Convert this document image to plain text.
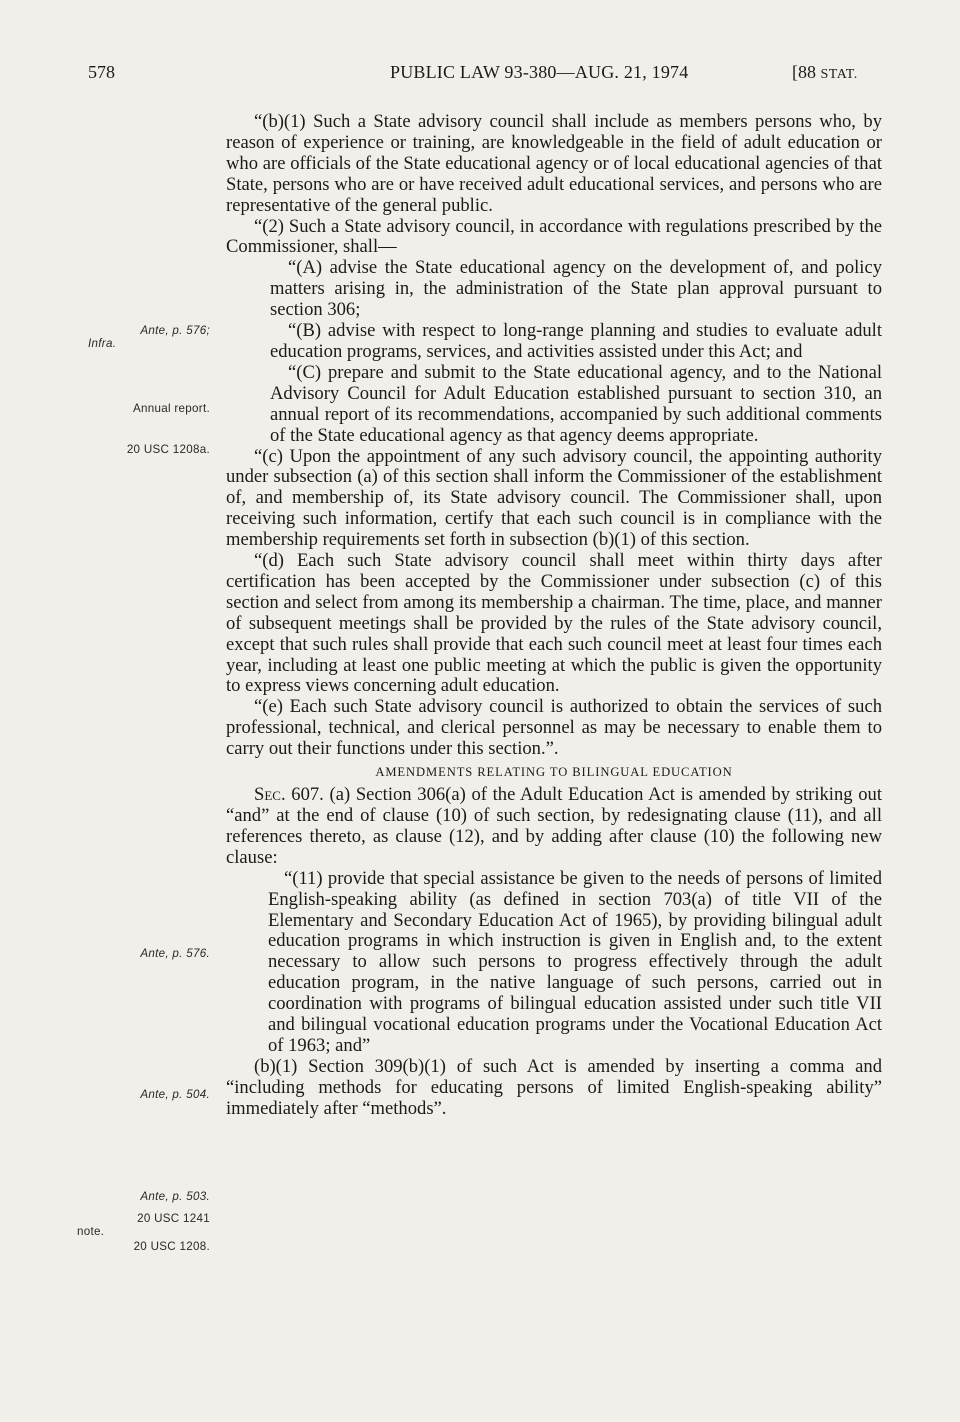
578	PUBLIC LAW 93-380—AUG. 21, 1974	[88 STAT.
Ante, p. 576;
Infra.
Annual report.
20 USC 1208a.
Ante, p. 576.
Ante, p. 504.
Ante, p. 503.
20 USC 1241
note.
20 USC 1208.

“(b)(1) Such a State advisory council shall include as members persons who, by reason of experience or training, are knowledgeable in the field of adult education or who are officials of the State educational agency or of local educational agencies of that State, persons who are or have received adult educational services, and persons who are representative of the general public.

“(2) Such a State advisory council, in accordance with regulations prescribed by the Commissioner, shall—

“(A) advise the State educational agency on the development of, and policy matters arising in, the administration of the State plan approval pursuant to section 306;

“(B) advise with respect to long-range planning and studies to evaluate adult education programs, services, and activities assisted under this Act; and

“(C) prepare and submit to the State educational agency, and to the National Advisory Council for Adult Education established pursuant to section 310, an annual report of its recommendations, accompanied by such additional comments of the State educational agency as that agency deems appropriate.

“(c) Upon the appointment of any such advisory council, the appointing authority under subsection (a) of this section shall inform the Commissioner of the establishment of, and membership of, its State advisory council. The Commissioner shall, upon receiving such information, certify that each such council is in compliance with the membership requirements set forth in subsection (b)(1) of this section.

“(d) Each such State advisory council shall meet within thirty days after certification has been accepted by the Commissioner under subsection (c) of this section and select from among its membership a chairman. The time, place, and manner of subsequent meetings shall be provided by the rules of the State advisory council, except that such rules shall provide that each such council meet at least four times each year, including at least one public meeting at which the public is given the opportunity to express views concerning adult education.

“(e) Each such State advisory council is authorized to obtain the services of such professional, technical, and clerical personnel as may be necessary to enable them to carry out their functions under this section.”.

AMENDMENTS RELATING TO BILINGUAL EDUCATION

Sec. 607. (a) Section 306(a) of the Adult Education Act is amended by striking out “and” at the end of clause (10) of such section, by redesignating clause (11), and all references thereto, as clause (12), and by adding after clause (10) the following new clause:

“(11) provide that special assistance be given to the needs of persons of limited English-speaking ability (as defined in section 703(a) of title VII of the Elementary and Secondary Education Act of 1965), by providing bilingual adult education programs in which instruction is given in English and, to the extent necessary to allow such persons to progress effectively through the adult education program, in the native language of such persons, carried out in coordination with programs of bilingual education assisted under such title VII and bilingual vocational education programs under the Vocational Education Act of 1963; and”

(b)(1) Section 309(b)(1) of such Act is amended by inserting a comma and “including methods for educating persons of limited English-speaking ability” immediately after “methods”.
